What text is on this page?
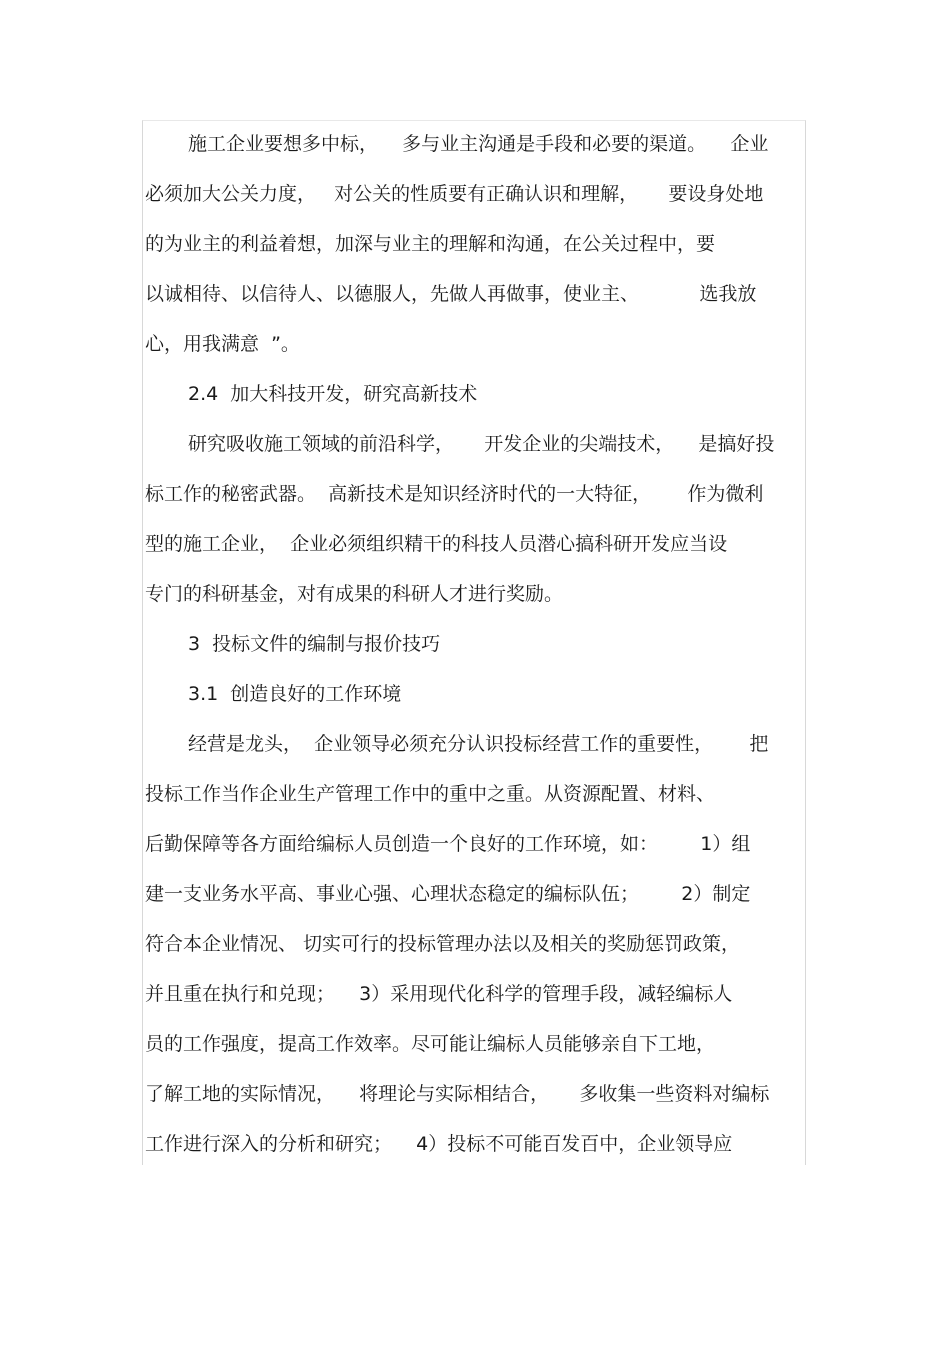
施工企业要想多中标，    多与业主沟通是手段和必要的渠道。    企业
必须加大公关力度，   对公关的性质要有正确认识和理解，     要设身处地
的为业主的利益着想，加深与业主的理解和沟通，在公关过程中，要
以诚相待、以信待人、以德服人，先做人再做事，使业主、          选我放
心，用我满意  ”。
2.4  加大科技开发，研究高新技术
研究吸收施工领域的前沿科学，     开发企业的尖端技术，    是搞好投
标工作的秘密武器。  高新技术是知识经济时代的一大特征，      作为微利
型的施工企业，  企业必须组织精干的科技人员潜心搞科研开发应当设
专门的科研基金，对有成果的科研人才进行奖励。
3  投标文件的编制与报价技巧
3.1  创造良好的工作环境
经营是龙头，  企业领导必须充分认识投标经营工作的重要性，      把
投标工作当作企业生产管理工作中的重中之重。从资源配置、材料、
后勤保障等各方面给编标人员创造一个良好的工作环境，如：       1）组
建一支业务水平高、事业心强、心理状态稳定的编标队伍；       2）制定
符合本企业情况、 切实可行的投标管理办法以及相关的奖励惩罚政策，
并且重在执行和兑现；    3）采用现代化科学的管理手段，减轻编标人
员的工作强度，提高工作效率。尽可能让编标人员能够亲自下工地，
了解工地的实际情况，    将理论与实际相结合，     多收集一些资料对编标
工作进行深入的分析和研究；    4）投标不可能百发百中，企业领导应
